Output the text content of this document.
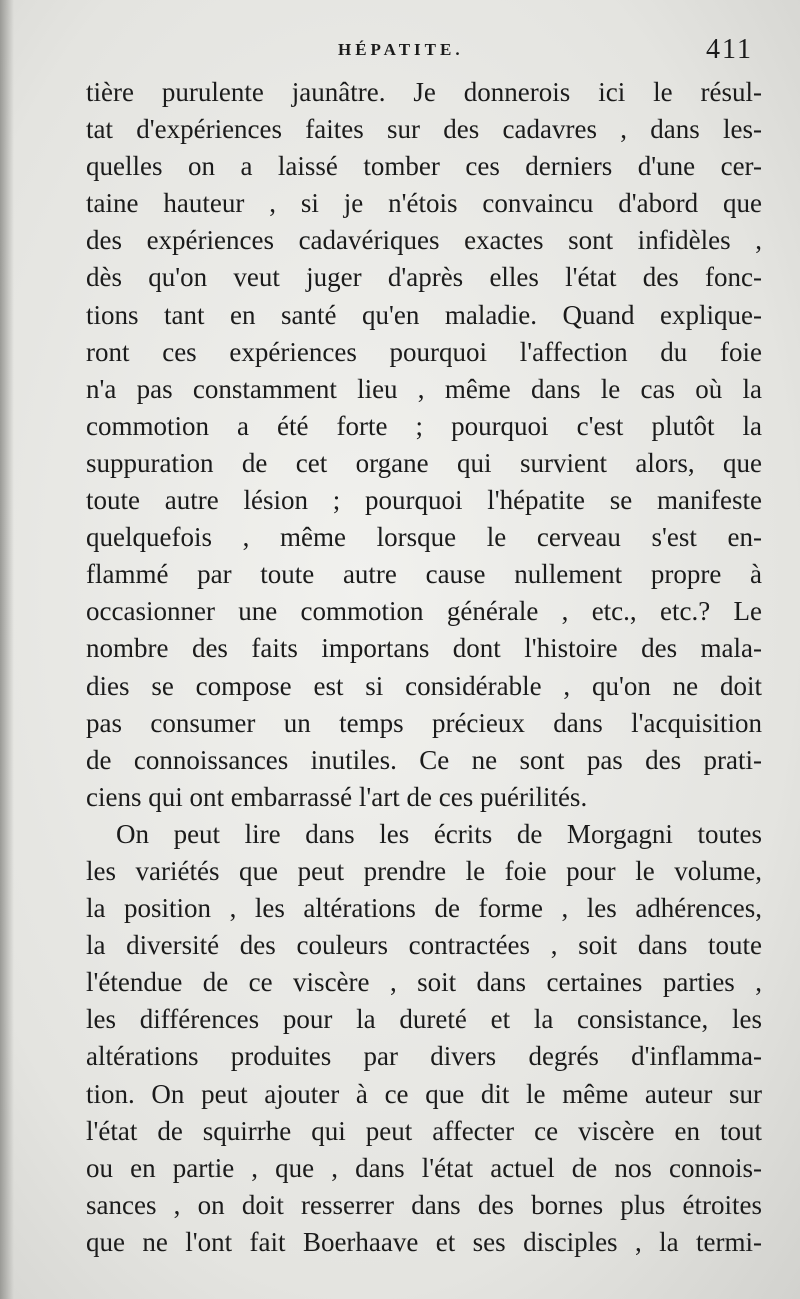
HÉPATITE.	411
tière purulente jaunâtre. Je donnerois ici le résul-
tat d'expériences faites sur des cadavres , dans les-
quelles on a laissé tomber ces derniers d'une cer-
taine hauteur , si je n'étois convaincu d'abord que
des expériences cadavériques exactes sont infidèles ,
dès qu'on veut juger d'après elles l'état des fonc-
tions tant en santé qu'en maladie. Quand explique-
ront ces expériences pourquoi l'affection du foie
n'a pas constamment lieu , même dans le cas où la
commotion a été forte ; pourquoi c'est plutôt la
suppuration de cet organe qui survient alors, que
toute autre lésion ; pourquoi l'hépatite se manifeste
quelquefois , même lorsque le cerveau s'est en-
flammé par toute autre cause nullement propre à
occasionner une commotion générale , etc., etc.? Le
nombre des faits importans dont l'histoire des mala-
dies se compose est si considérable , qu'on ne doit
pas consumer un temps précieux dans l'acquisition
de connoissances inutiles. Ce ne sont pas des prati-
ciens qui ont embarrassé l'art de ces puérilités.
On peut lire dans les écrits de Morgagni toutes
les variétés que peut prendre le foie pour le volume,
la position , les altérations de forme , les adhérences,
la diversité des couleurs contractées , soit dans toute
l'étendue de ce viscère , soit dans certaines parties ,
les différences pour la dureté et la consistance, les
altérations produites par divers degrés d'inflamma-
tion. On peut ajouter à ce que dit le même auteur sur
l'état de squirrhe qui peut affecter ce viscère en tout
ou en partie , que , dans l'état actuel de nos connois-
sances , on doit resserrer dans des bornes plus étroites
que ne l'ont fait Boerhaave et ses disciples , la termi-
